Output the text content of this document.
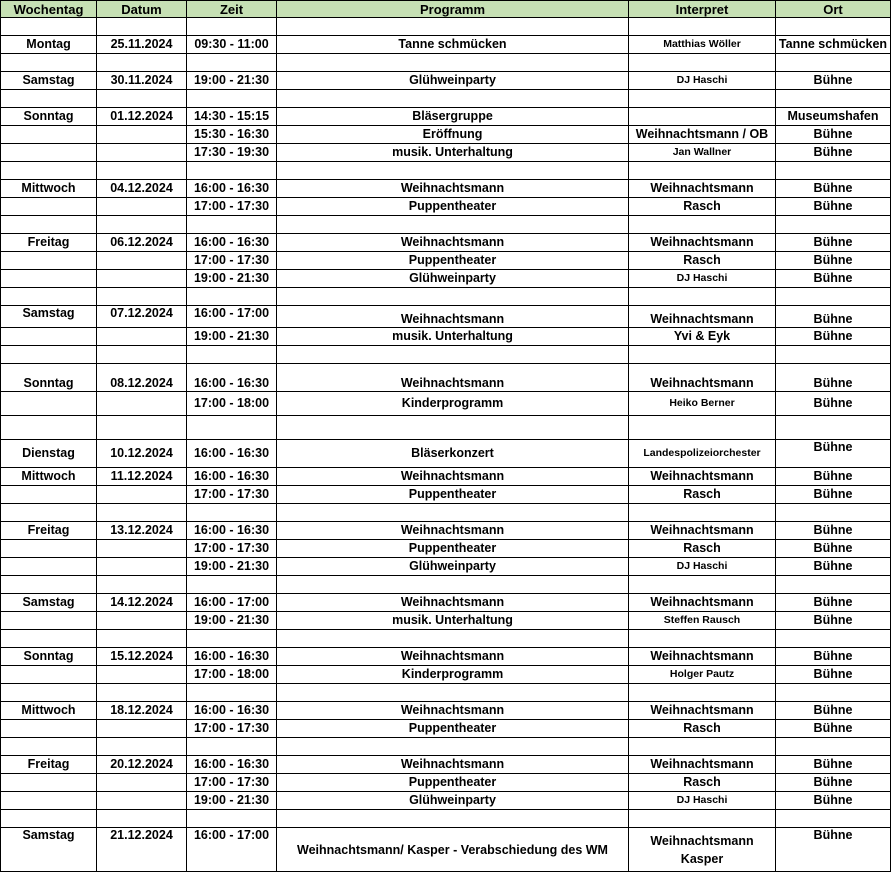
Wochentag	Datum	Zeit	Programm	Interpret	Ort

Montag	25.11.2024	09:30 - 11:00	Tanne schmücken	Matthias Wöller	Tanne schmücken

Samstag	30.11.2024	19:00 - 21:30	Glühweinparty	DJ Haschi	Bühne

Sonntag	01.12.2024	14:30 - 15:15	Bläsergruppe		Museumshafen
		15:30 - 16:30	Eröffnung	Weihnachtsmann / OB	Bühne
		17:30 - 19:30	musik. Unterhaltung	Jan Wallner	Bühne

Mittwoch	04.12.2024	16:00 - 16:30	Weihnachtsmann	Weihnachtsmann	Bühne
		17:00 - 17:30	Puppentheater	Rasch	Bühne

Freitag	06.12.2024	16:00 - 16:30	Weihnachtsmann	Weihnachtsmann	Bühne
		17:00 - 17:30	Puppentheater	Rasch	Bühne
		19:00 - 21:30	Glühweinparty	DJ Haschi	Bühne

Samstag	07.12.2024	16:00 - 17:00	Weihnachtsmann	Weihnachtsmann	Bühne
		19:00 - 21:30	musik. Unterhaltung	Yvi & Eyk	Bühne

Sonntag	08.12.2024	16:00 - 16:30	Weihnachtsmann	Weihnachtsmann	Bühne
		17:00 - 18:00	Kinderprogramm	Heiko Berner	Bühne

Dienstag	10.12.2024	16:00 - 16:30	Bläserkonzert	Landespolizeiorchester	Bühne
Mittwoch	11.12.2024	16:00 - 16:30	Weihnachtsmann	Weihnachtsmann	Bühne
		17:00 - 17:30	Puppentheater	Rasch	Bühne

Freitag	13.12.2024	16:00 - 16:30	Weihnachtsmann	Weihnachtsmann	Bühne
		17:00 - 17:30	Puppentheater	Rasch	Bühne
		19:00 - 21:30	Glühweinparty	DJ Haschi	Bühne

Samstag	14.12.2024	16:00 - 17:00	Weihnachtsmann	Weihnachtsmann	Bühne
		19:00 - 21:30	musik. Unterhaltung	Steffen Rausch	Bühne

Sonntag	15.12.2024	16:00 - 16:30	Weihnachtsmann	Weihnachtsmann	Bühne
		17:00 - 18:00	Kinderprogramm	Holger Pautz	Bühne

Mittwoch	18.12.2024	16:00 - 16:30	Weihnachtsmann	Weihnachtsmann	Bühne
		17:00 - 17:30	Puppentheater	Rasch	Bühne

Freitag	20.12.2024	16:00 - 16:30	Weihnachtsmann	Weihnachtsmann	Bühne
		17:00 - 17:30	Puppentheater	Rasch	Bühne
		19:00 - 21:30	Glühweinparty	DJ Haschi	Bühne

Samstag	21.12.2024	16:00 - 17:00	Weihnachtsmann/ Kasper - Verabschiedung des WM	Weihnachtsmann Kasper	Bühne
